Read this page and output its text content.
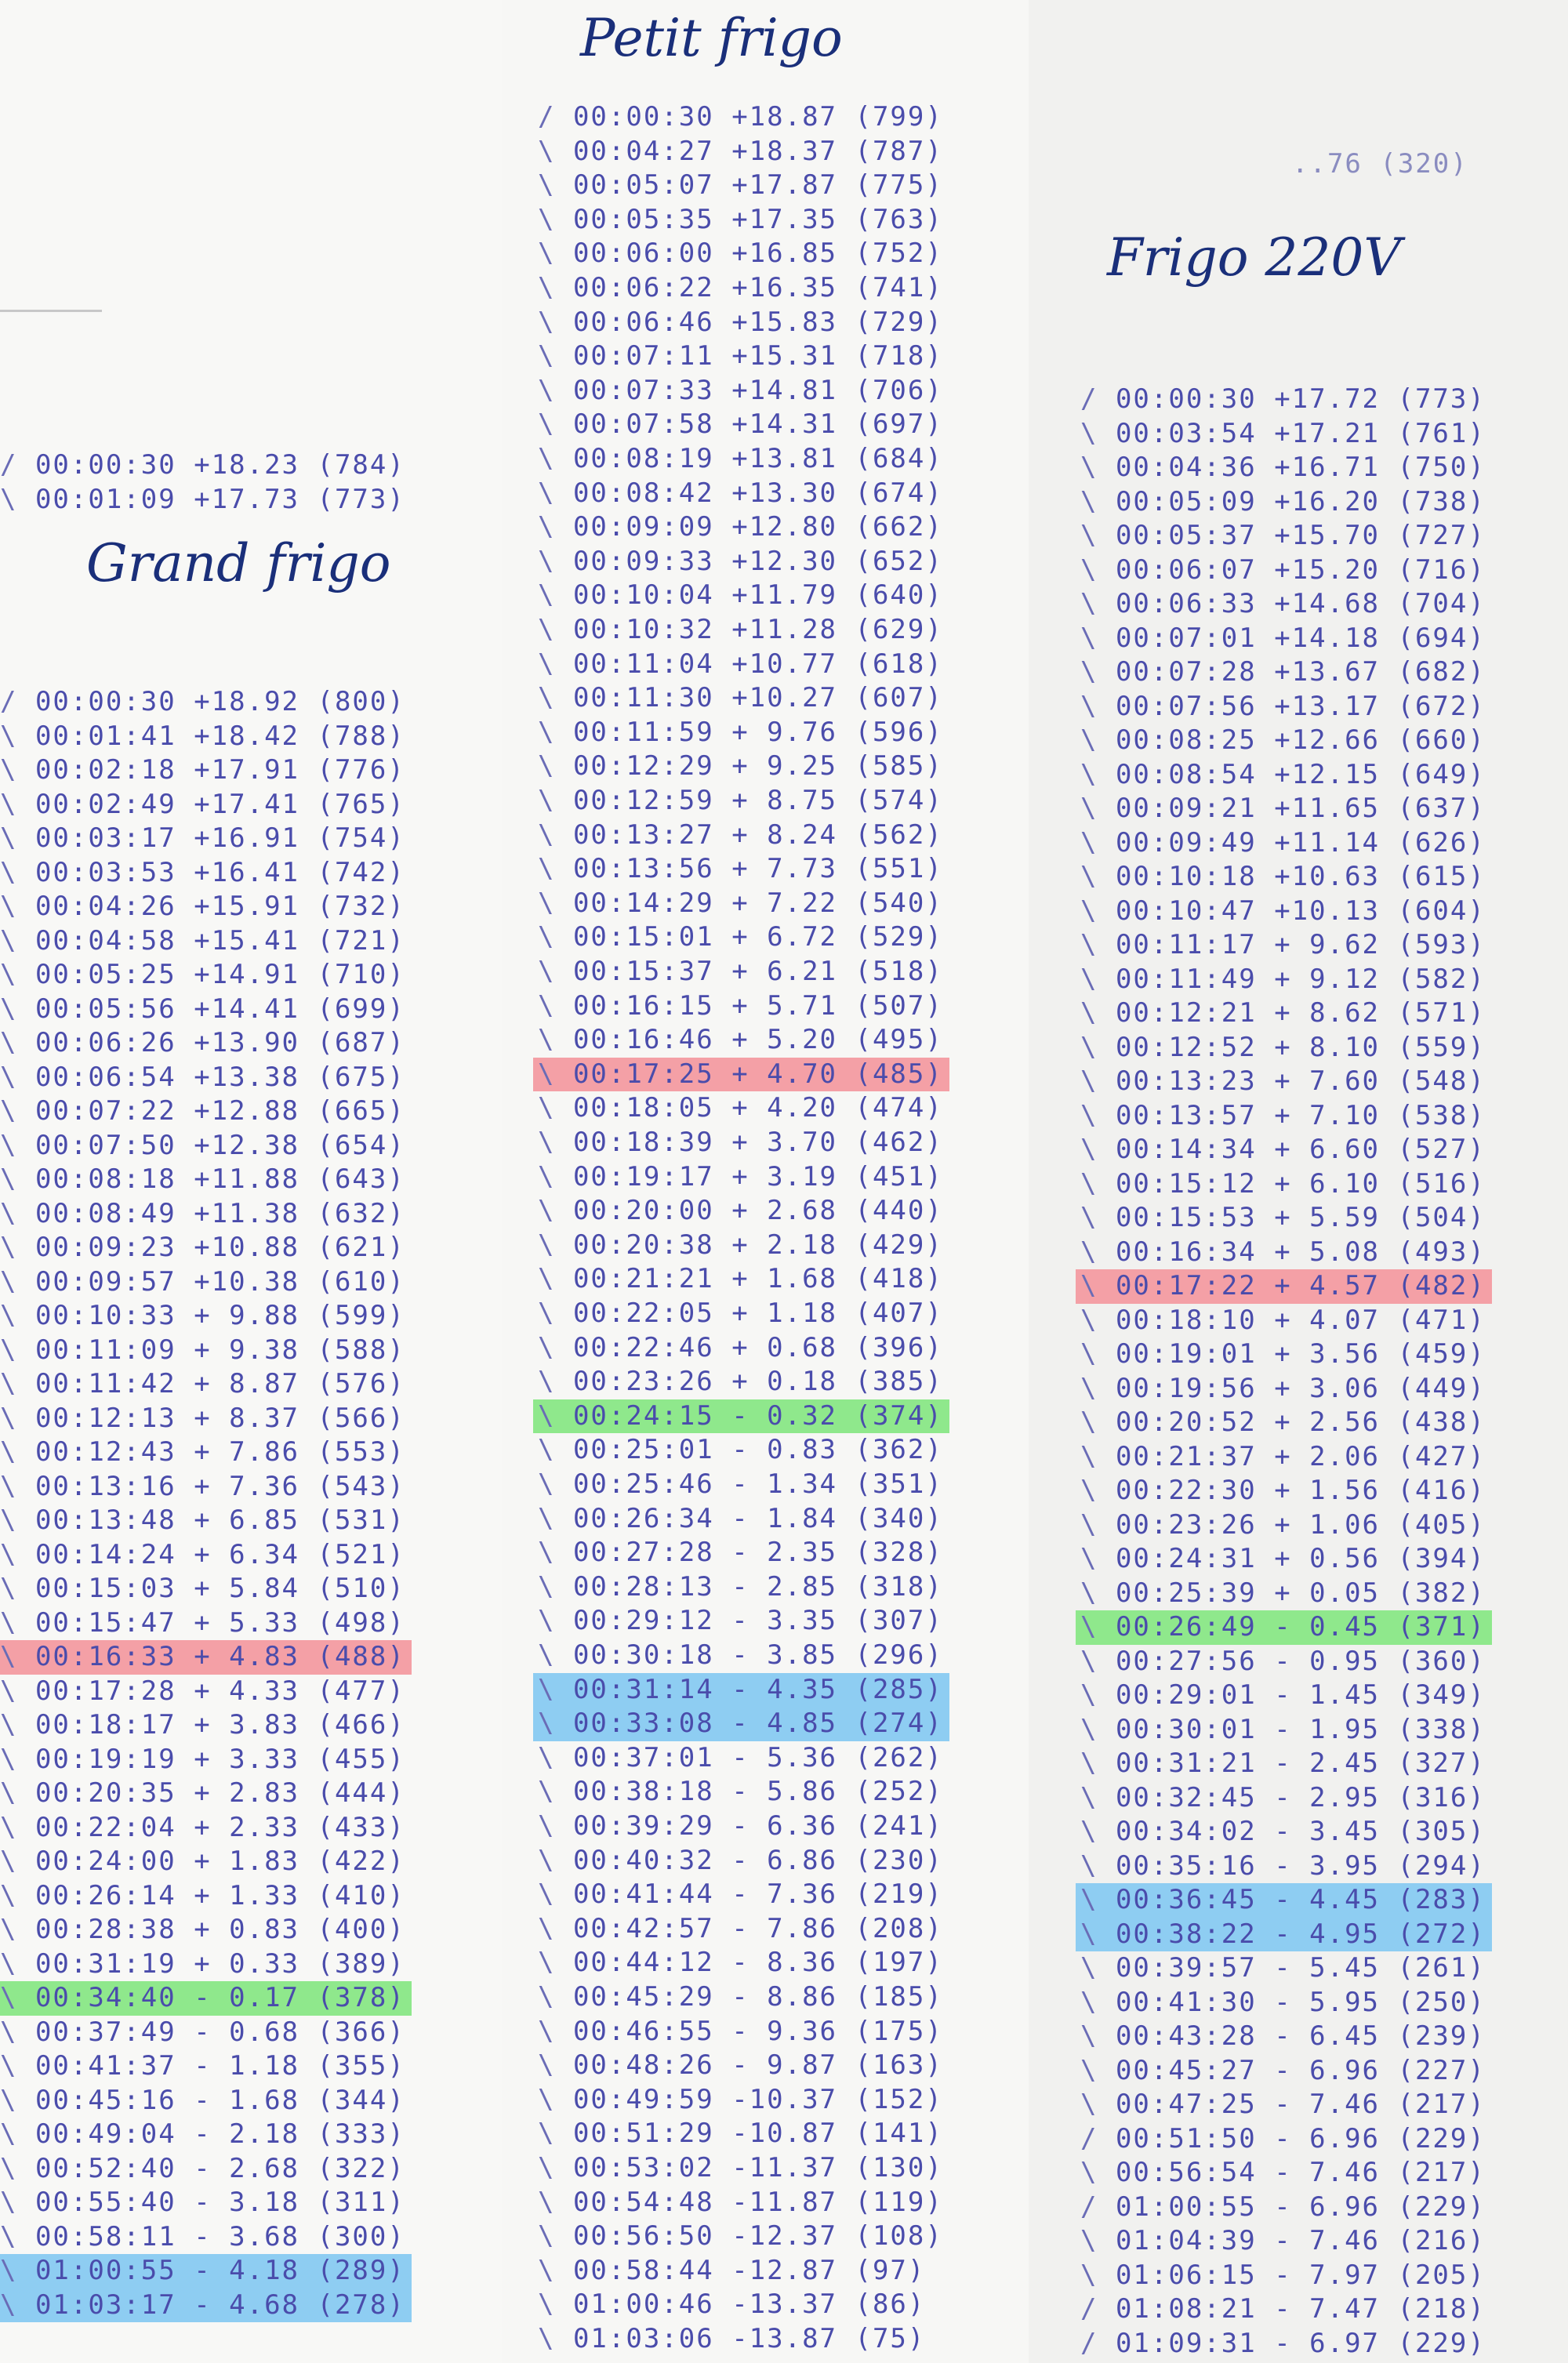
Grand frigo
/ 00:00:30 +18.23 (784)
\ 00:01:09 +17.73 (773)
/ 00:00:30 +18.92 (800)
\ 00:01:41 +18.42 (788)
\ 00:02:18 +17.91 (776)
\ 00:02:49 +17.41 (765)
\ 00:03:17 +16.91 (754)
\ 00:03:53 +16.41 (742)
\ 00:04:26 +15.91 (732)
\ 00:04:58 +15.41 (721)
\ 00:05:25 +14.91 (710)
\ 00:05:56 +14.41 (699)
\ 00:06:26 +13.90 (687)
\ 00:06:54 +13.38 (675)
\ 00:07:22 +12.88 (665)
\ 00:07:50 +12.38 (654)
\ 00:08:18 +11.88 (643)
\ 00:08:49 +11.38 (632)
\ 00:09:23 +10.88 (621)
\ 00:09:57 +10.38 (610)
\ 00:10:33 + 9.88 (599)
\ 00:11:09 + 9.38 (588)
\ 00:11:42 + 8.87 (576)
\ 00:12:13 + 8.37 (566)
\ 00:12:43 + 7.86 (553)
\ 00:13:16 + 7.36 (543)
\ 00:13:48 + 6.85 (531)
\ 00:14:24 + 6.34 (521)
\ 00:15:03 + 5.84 (510)
\ 00:15:47 + 5.33 (498)
\ 00:16:33 + 4.83 (488)
\ 00:17:28 + 4.33 (477)
\ 00:18:17 + 3.83 (466)
\ 00:19:19 + 3.33 (455)
\ 00:20:35 + 2.83 (444)
\ 00:22:04 + 2.33 (433)
\ 00:24:00 + 1.83 (422)
\ 00:26:14 + 1.33 (410)
\ 00:28:38 + 0.83 (400)
\ 00:31:19 + 0.33 (389)
\ 00:34:40 - 0.17 (378)
\ 00:37:49 - 0.68 (366)
\ 00:41:37 - 1.18 (355)
\ 00:45:16 - 1.68 (344)
\ 00:49:04 - 2.18 (333)
\ 00:52:40 - 2.68 (322)
\ 00:55:40 - 3.18 (311)
\ 00:58:11 - 3.68 (300)
\ 01:00:55 - 4.18 (289)
\ 01:03:17 - 4.68 (278)
Petit frigo
/ 00:00:30 +18.87 (799)
\ 00:04:27 +18.37 (787)
\ 00:05:07 +17.87 (775)
\ 00:05:35 +17.35 (763)
\ 00:06:00 +16.85 (752)
\ 00:06:22 +16.35 (741)
\ 00:06:46 +15.83 (729)
\ 00:07:11 +15.31 (718)
\ 00:07:33 +14.81 (706)
\ 00:07:58 +14.31 (697)
\ 00:08:19 +13.81 (684)
\ 00:08:42 +13.30 (674)
\ 00:09:09 +12.80 (662)
\ 00:09:33 +12.30 (652)
\ 00:10:04 +11.79 (640)
\ 00:10:32 +11.28 (629)
\ 00:11:04 +10.77 (618)
\ 00:11:30 +10.27 (607)
\ 00:11:59 + 9.76 (596)
\ 00:12:29 + 9.25 (585)
\ 00:12:59 + 8.75 (574)
\ 00:13:27 + 8.24 (562)
\ 00:13:56 + 7.73 (551)
\ 00:14:29 + 7.22 (540)
\ 00:15:01 + 6.72 (529)
\ 00:15:37 + 6.21 (518)
\ 00:16:15 + 5.71 (507)
\ 00:16:46 + 5.20 (495)
\ 00:17:25 + 4.70 (485)
\ 00:18:05 + 4.20 (474)
\ 00:18:39 + 3.70 (462)
\ 00:19:17 + 3.19 (451)
\ 00:20:00 + 2.68 (440)
\ 00:20:38 + 2.18 (429)
\ 00:21:21 + 1.68 (418)
\ 00:22:05 + 1.18 (407)
\ 00:22:46 + 0.68 (396)
\ 00:23:26 + 0.18 (385)
\ 00:24:15 - 0.32 (374)
\ 00:25:01 - 0.83 (362)
\ 00:25:46 - 1.34 (351)
\ 00:26:34 - 1.84 (340)
\ 00:27:28 - 2.35 (328)
\ 00:28:13 - 2.85 (318)
\ 00:29:12 - 3.35 (307)
\ 00:30:18 - 3.85 (296)
\ 00:31:14 - 4.35 (285)
\ 00:33:08 - 4.85 (274)
\ 00:37:01 - 5.36 (262)
\ 00:38:18 - 5.86 (252)
\ 00:39:29 - 6.36 (241)
\ 00:40:32 - 6.86 (230)
\ 00:41:44 - 7.36 (219)
\ 00:42:57 - 7.86 (208)
\ 00:44:12 - 8.36 (197)
\ 00:45:29 - 8.86 (185)
\ 00:46:55 - 9.36 (175)
\ 00:48:26 - 9.87 (163)
\ 00:49:59 -10.37 (152)
\ 00:51:29 -10.87 (141)
\ 00:53:02 -11.37 (130)
\ 00:54:48 -11.87 (119)
\ 00:56:50 -12.37 (108)
\ 00:58:44 -12.87 (97)
\ 01:00:46 -13.37 (86)
\ 01:03:06 -13.87 (75)
..76 (320)
Frigo 220V
/ 00:00:30 +17.72 (773)
\ 00:03:54 +17.21 (761)
\ 00:04:36 +16.71 (750)
\ 00:05:09 +16.20 (738)
\ 00:05:37 +15.70 (727)
\ 00:06:07 +15.20 (716)
\ 00:06:33 +14.68 (704)
\ 00:07:01 +14.18 (694)
\ 00:07:28 +13.67 (682)
\ 00:07:56 +13.17 (672)
\ 00:08:25 +12.66 (660)
\ 00:08:54 +12.15 (649)
\ 00:09:21 +11.65 (637)
\ 00:09:49 +11.14 (626)
\ 00:10:18 +10.63 (615)
\ 00:10:47 +10.13 (604)
\ 00:11:17 + 9.62 (593)
\ 00:11:49 + 9.12 (582)
\ 00:12:21 + 8.62 (571)
\ 00:12:52 + 8.10 (559)
\ 00:13:23 + 7.60 (548)
\ 00:13:57 + 7.10 (538)
\ 00:14:34 + 6.60 (527)
\ 00:15:12 + 6.10 (516)
\ 00:15:53 + 5.59 (504)
\ 00:16:34 + 5.08 (493)
\ 00:17:22 + 4.57 (482)
\ 00:18:10 + 4.07 (471)
\ 00:19:01 + 3.56 (459)
\ 00:19:56 + 3.06 (449)
\ 00:20:52 + 2.56 (438)
\ 00:21:37 + 2.06 (427)
\ 00:22:30 + 1.56 (416)
\ 00:23:26 + 1.06 (405)
\ 00:24:31 + 0.56 (394)
\ 00:25:39 + 0.05 (382)
\ 00:26:49 - 0.45 (371)
\ 00:27:56 - 0.95 (360)
\ 00:29:01 - 1.45 (349)
\ 00:30:01 - 1.95 (338)
\ 00:31:21 - 2.45 (327)
\ 00:32:45 - 2.95 (316)
\ 00:34:02 - 3.45 (305)
\ 00:35:16 - 3.95 (294)
\ 00:36:45 - 4.45 (283)
\ 00:38:22 - 4.95 (272)
\ 00:39:57 - 5.45 (261)
\ 00:41:30 - 5.95 (250)
\ 00:43:28 - 6.45 (239)
\ 00:45:27 - 6.96 (227)
\ 00:47:25 - 7.46 (217)
/ 00:51:50 - 6.96 (229)
\ 00:56:54 - 7.46 (217)
/ 01:00:55 - 6.96 (229)
\ 01:04:39 - 7.46 (216)
\ 01:06:15 - 7.97 (205)
/ 01:08:21 - 7.47 (218)
/ 01:09:31 - 6.97 (229)
